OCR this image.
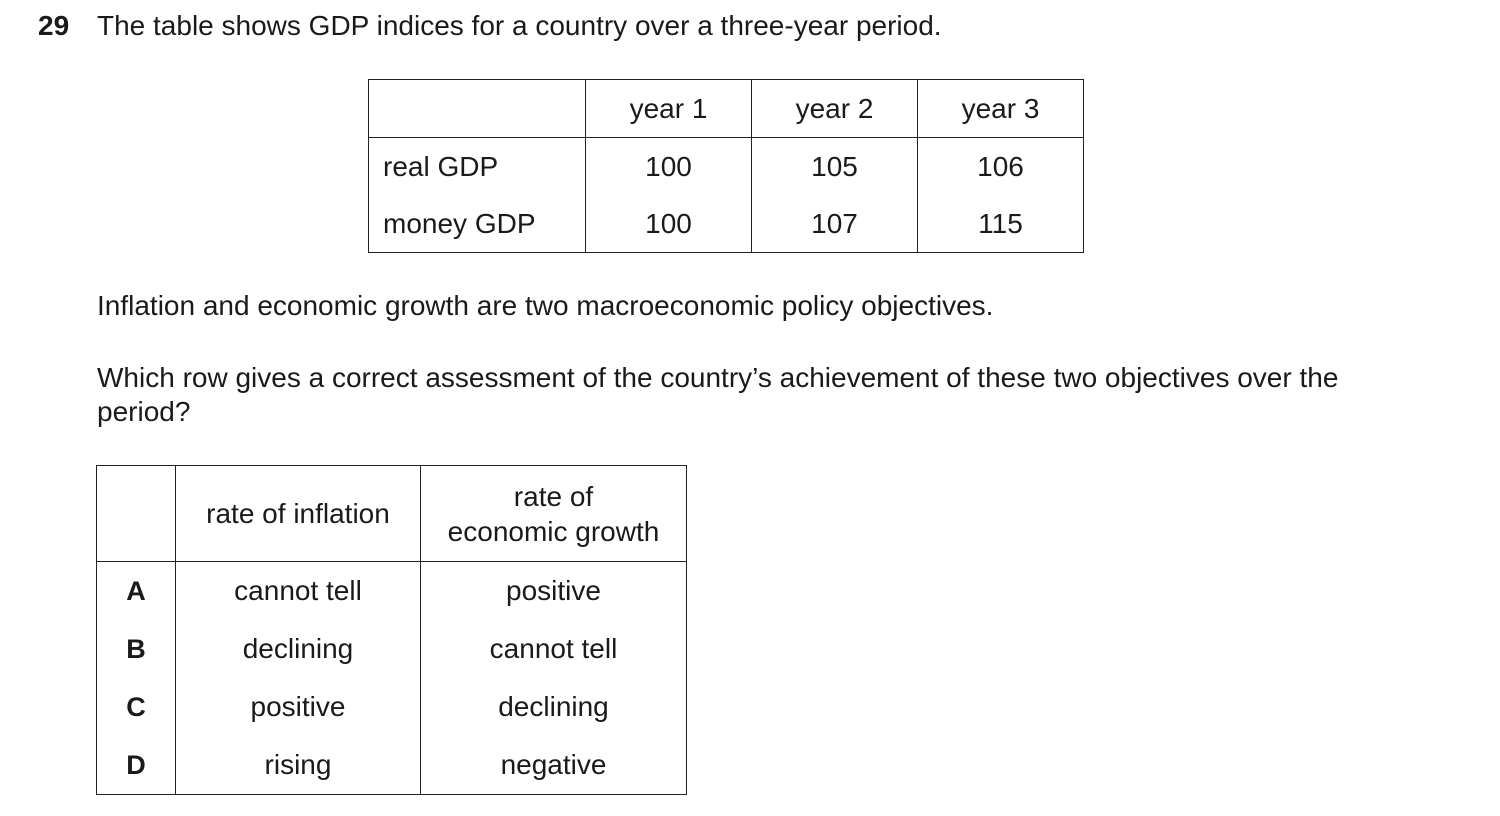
29 The table shows GDP indices for a country over a three-year period.
	year 1	year 2	year 3
real GDP	100	105	106
money GDP	100	107	115
Inflation and economic growth are two macroeconomic policy objectives.
Which row gives a correct assessment of the country’s achievement of these two objectives over the period?
	rate of inflation	rate of
economic growth

A	cannot tell	positive
B	declining	cannot tell
C	positive	declining
D	rising	negative
